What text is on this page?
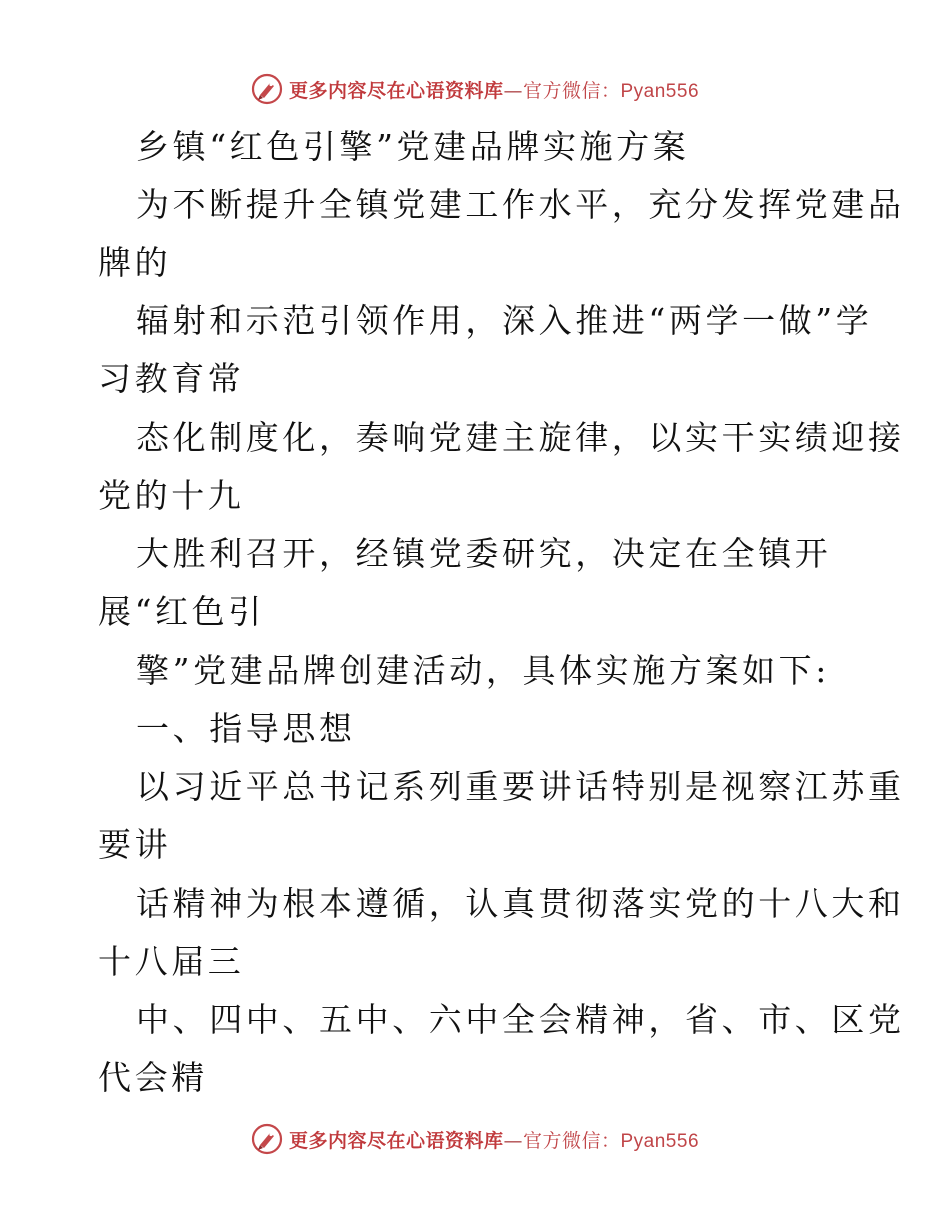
更多内容尽在心语资料库—官方微信：Pyan556
乡镇“红色引擎”党建品牌实施方案
为不断提升全镇党建工作水平，充分发挥党建品
牌的
辐射和示范引领作用，深入推进“两学一做”学
习教育常
态化制度化，奏响党建主旋律，以实干实绩迎接
党的十九
大胜利召开，经镇党委研究，决定在全镇开
展“红色引
擎”党建品牌创建活动，具体实施方案如下:
一、指导思想
以习近平总书记系列重要讲话特别是视察江苏重
要讲
话精神为根本遵循，认真贯彻落实党的十八大和
十八届三
中、四中、五中、六中全会精神，省、市、区党
代会精
更多内容尽在心语资料库—官方微信：Pyan556
